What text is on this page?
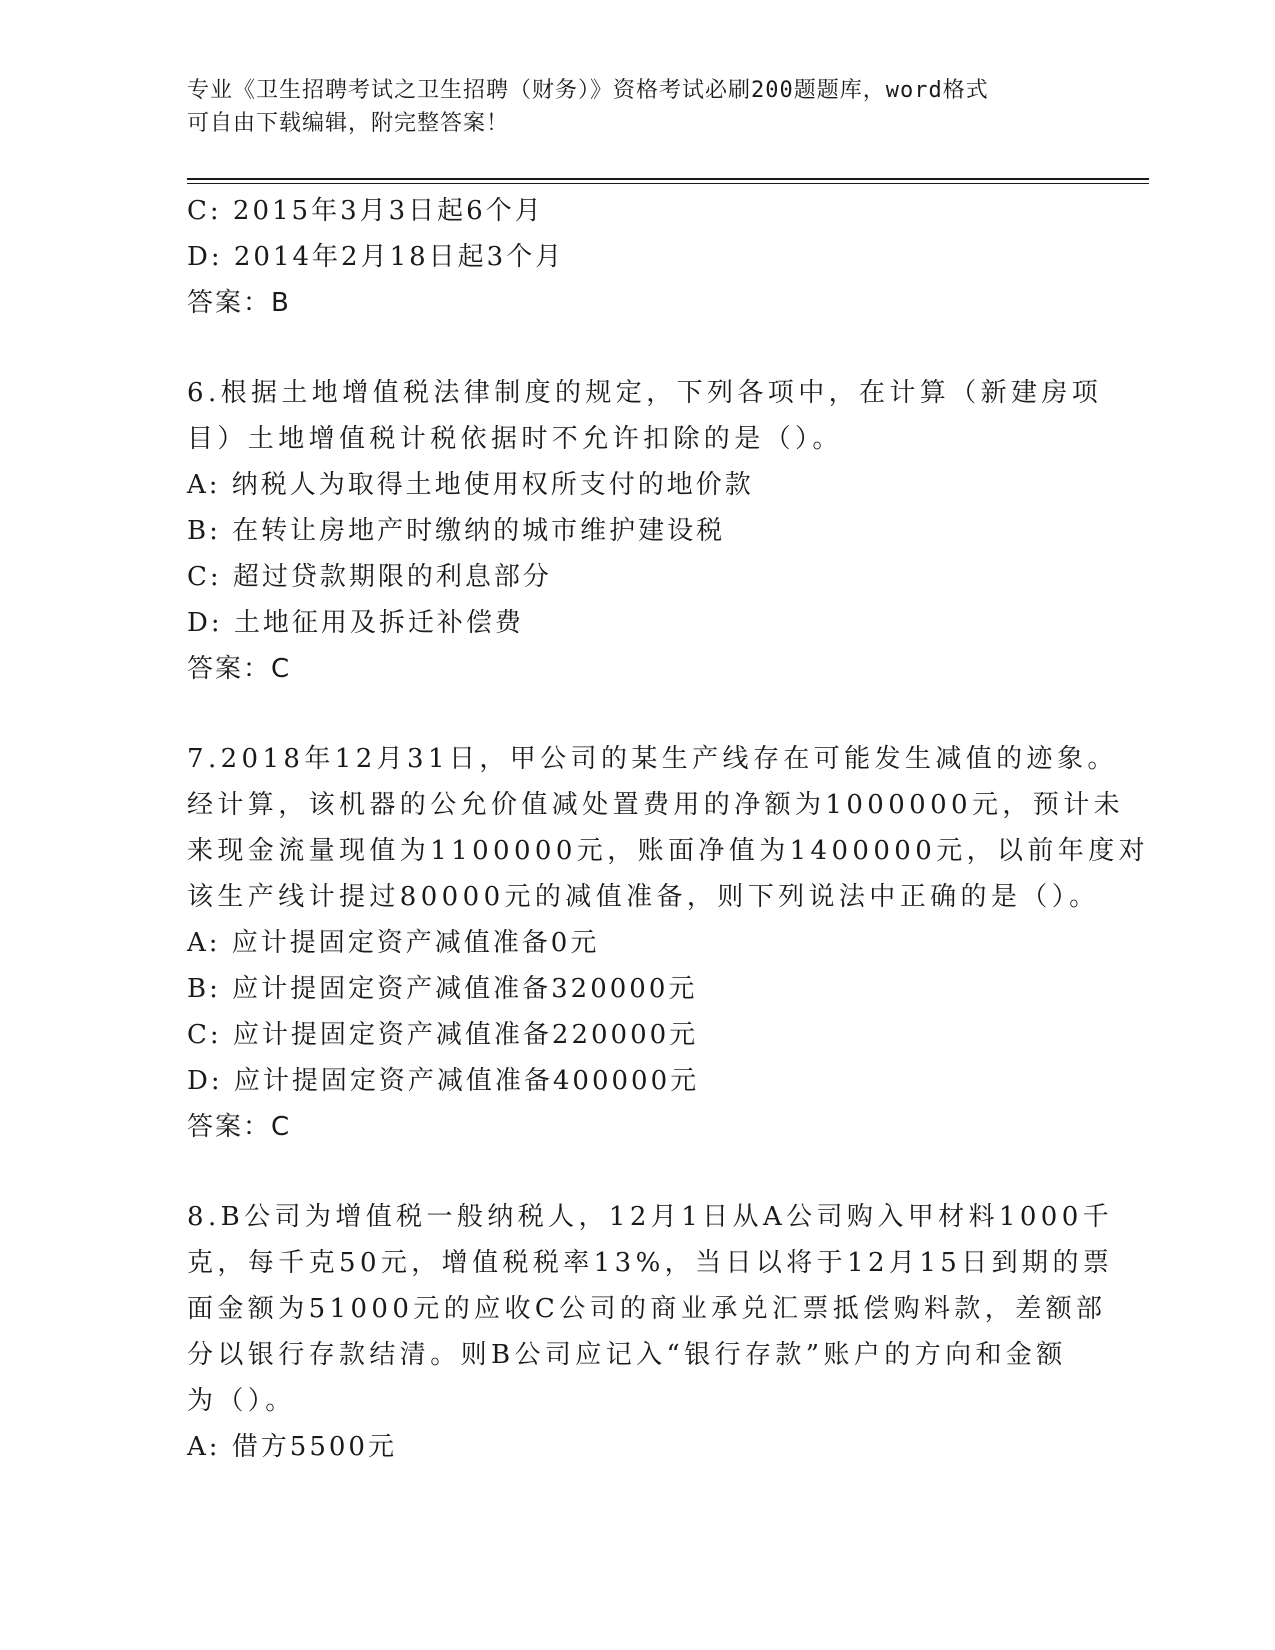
专业《卫生招聘考试之卫生招聘（财务）》资格考试必刷200题题库，word格式
可自由下载编辑，附完整答案！
C: 2015年3月3日起6个月
D: 2014年2月18日起3个月
答案：B
6.根据土地增值税法律制度的规定，下列各项中，在计算（新建房项
目）土地增值税计税依据时不允许扣除的是（）。
A: 纳税人为取得土地使用权所支付的地价款
B: 在转让房地产时缴纳的城市维护建设税
C: 超过贷款期限的利息部分
D: 土地征用及拆迁补偿费
答案：C
7.2018年12月31日，甲公司的某生产线存在可能发生减值的迹象。
经计算，该机器的公允价值减处置费用的净额为1000000元，预计未
来现金流量现值为1100000元，账面净值为1400000元，以前年度对
该生产线计提过80000元的减值准备，则下列说法中正确的是（）。
A: 应计提固定资产减值准备0元
B: 应计提固定资产减值准备320000元
C: 应计提固定资产减值准备220000元
D: 应计提固定资产减值准备400000元
答案：C
8.B公司为增值税一般纳税人，12月1日从A公司购入甲材料1000千
克，每千克50元，增值税税率13%，当日以将于12月15日到期的票
面金额为51000元的应收C公司的商业承兑汇票抵偿购料款，差额部
分以银行存款结清。则B公司应记入“银行存款”账户的方向和金额
为（）。
A: 借方5500元
